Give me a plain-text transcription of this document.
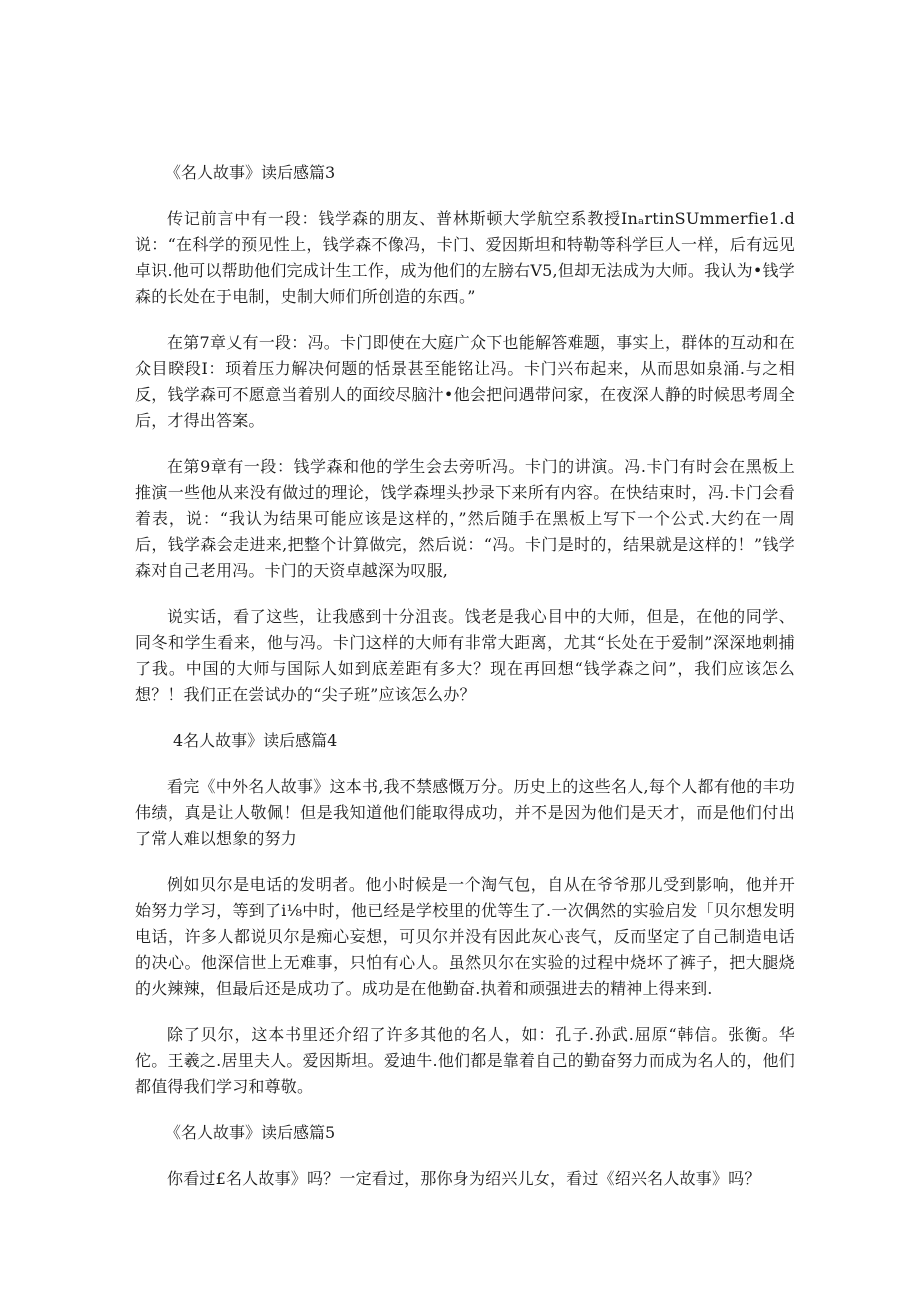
《名人故事》读后感篇3

传记前言中有一段：钱学森的朋友、普林斯顿大学航空系教授InₐrtinSUmmerfie1.d说：“在科学的预见性上，钱学森不像冯，卡门、爱因斯坦和特勒等科学巨人一样，后有远见卓识.他可以帮助他们完成计生工作，成为他们的左膀右V5,但却无法成为大师。我认为•钱学森的长处在于电制，史制大师们所创造的东西。”

在第7章乂有一段：冯。卡门即使在大庭广众下也能解答难题，事实上，群体的互动和在众目睽段I：顼着压力解决何题的恬景甚至能铭让冯。卡门兴布起来，从而思如泉涌.与之相反，钱学森可不愿意当着别人的面绞尽脑汁•他会把问遇带问家，在夜深人静的时候思考周全后，才得出答案。

在第9章有一段：钱学森和他的学生会去旁听冯。卡门的讲演。冯.卡门有时会在黑板上推演一些他从来没有做过的理论，饯学森埋头抄录下来所有内容。在快结束时，冯.卡门会看着表，说：“我认为结果可能应该是这样的，”然后随手在黑板上写下一个公式.大约在一周后，钱学森会走进来,把整个计算做完，然后说：“冯。卡门是时的，结果就是这样的！”钱学森对自己老用冯。卡门的天资卓越深为叹服,

说实话，看了这些，让我感到十分沮丧。饯老是我心目中的大师，但是，在他的同学、同冬和学生看来，他与冯。卡门这样的大师有非常大距离，尤其“长处在于爱制”深深地刺捕了我。中国的大师与国际人如到底差距有多大？现在再回想“钱学森之问”，我们应该怎么想？！我们正在尝试办的“尖子班”应该怎么办？

4名人故事》读后感篇4

看完《中外名人故事》这本书,我不禁感慨万分。历史上的这些名人,每个人都有他的丰功伟绩，真是让人敬佩！但是我知道他们能取得成功，并不是因为他们是天才，而是他们付出了常人难以想象的努力

例如贝尔是电话的发明者。他小时候是一个淘气包，自从在爷爷那儿受到影响，他并开始努力学习，等到了i⅛中时，他已经是学校里的优等生了.一次偶然的实验启发「贝尔想发明电话，许多人都说贝尔是痴心妄想，可贝尔并没有因此灰心丧气，反而坚定了自己制造电话的决心。他深信世上无难事，只怕有心人。虽然贝尔在实验的过程中烧坏了裤子，把大腿烧的火辣辣，但最后还是成功了。成功是在他勤奋.执着和顽强进去的精神上得来到.

除了贝尔，这本书里还介绍了许多其他的名人，如：孔子.孙武.屈原“韩信。张衡。华佗。王羲之.居里夫人。爱因斯坦。爱迪牛.他们都是靠着自己的勤奋努力而成为名人的，他们都值得我们学习和尊敬。

《名人故事》读后感篇5

你看过£名人故事》吗？一定看过，那你身为绍兴儿女，看过《绍兴名人故事》吗？
